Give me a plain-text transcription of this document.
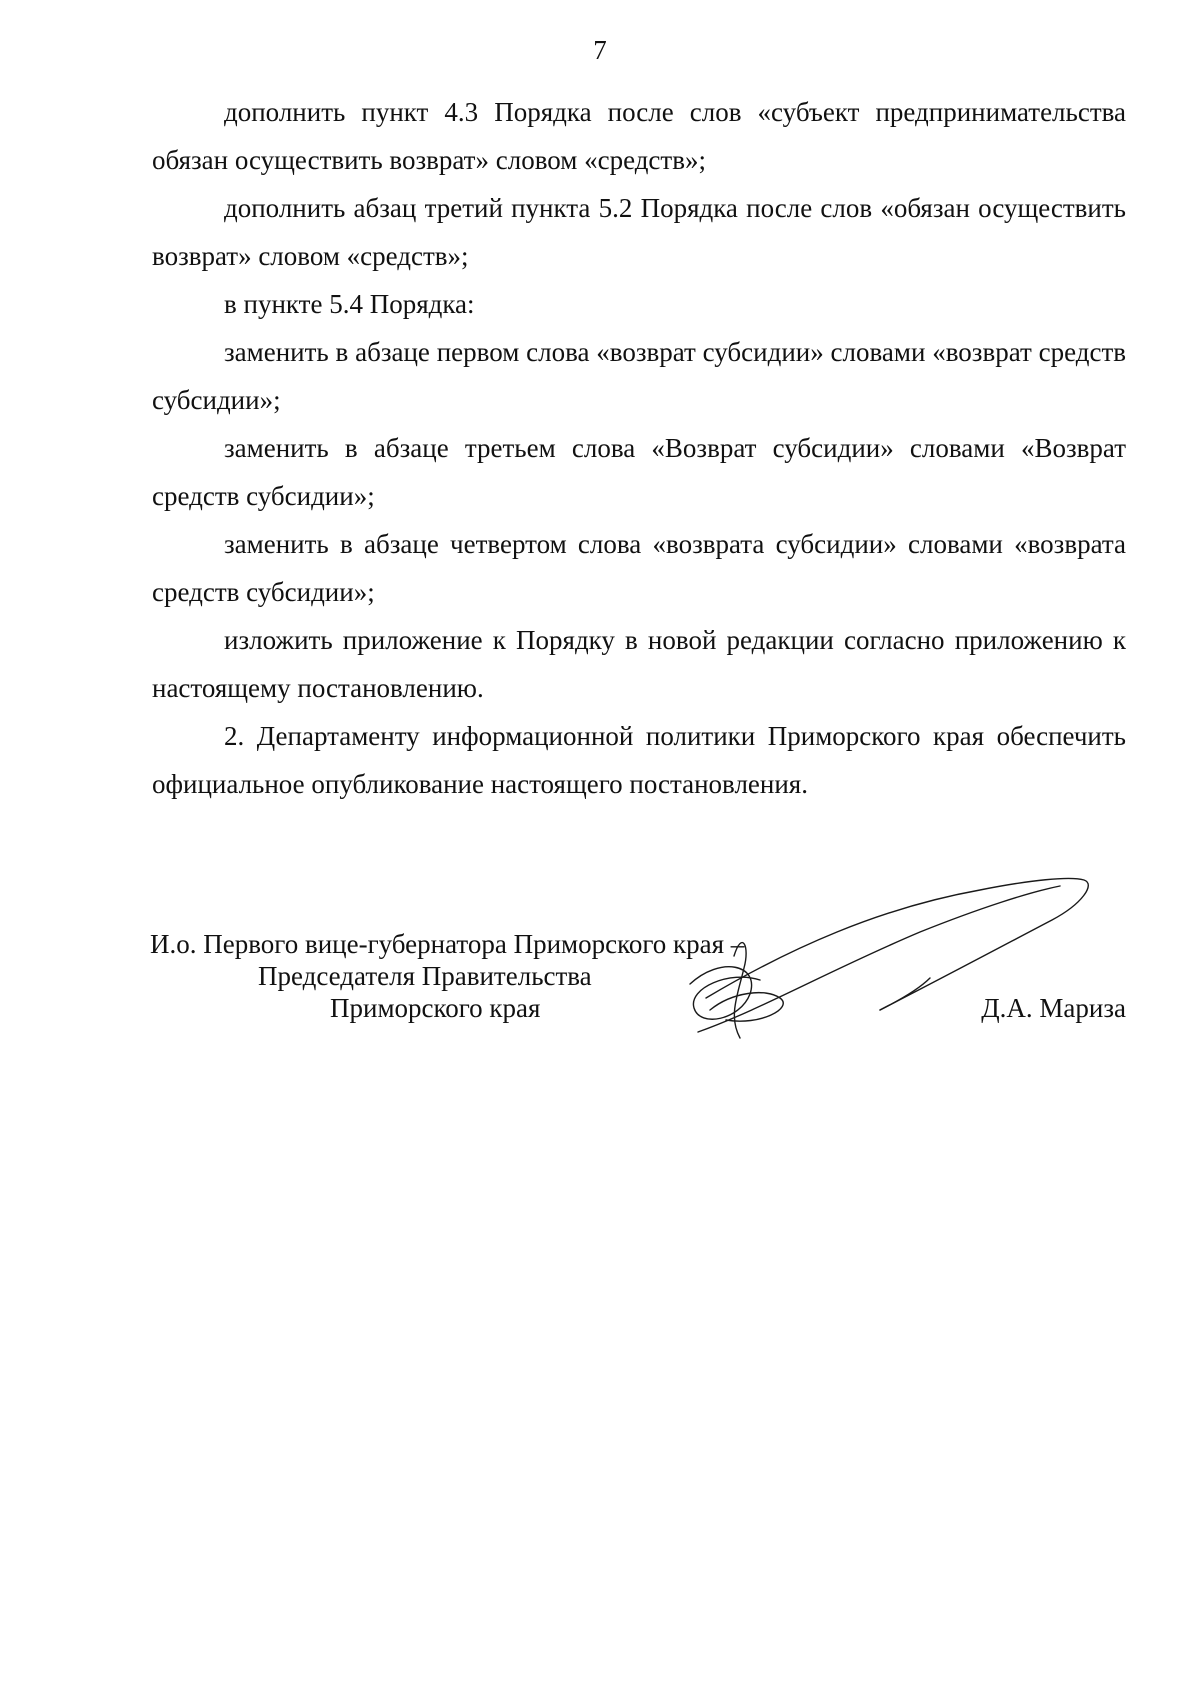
7

дополнить пункт 4.3 Порядка после слов «субъект предпринимательства обязан осуществить возврат» словом «средств»;

дополнить абзац третий пункта 5.2 Порядка после слов «обязан осуществить возврат» словом «средств»;

в пункте 5.4 Порядка:

заменить в абзаце первом слова «возврат субсидии» словами «возврат средств субсидии»;

заменить в абзаце третьем слова «Возврат субсидии» словами «Возврат средств субсидии»;

заменить в абзаце четвертом слова «возврата субсидии» словами «возврата средств субсидии»;

изложить приложение к Порядку в новой редакции согласно приложению к настоящему постановлению.

2. Департаменту информационной политики Приморского края обеспечить официальное опубликование настоящего постановления.

И.о. Первого вице-губернатора Приморского края –
Председателя Правительства
Приморского края	Д.А. Мариза
